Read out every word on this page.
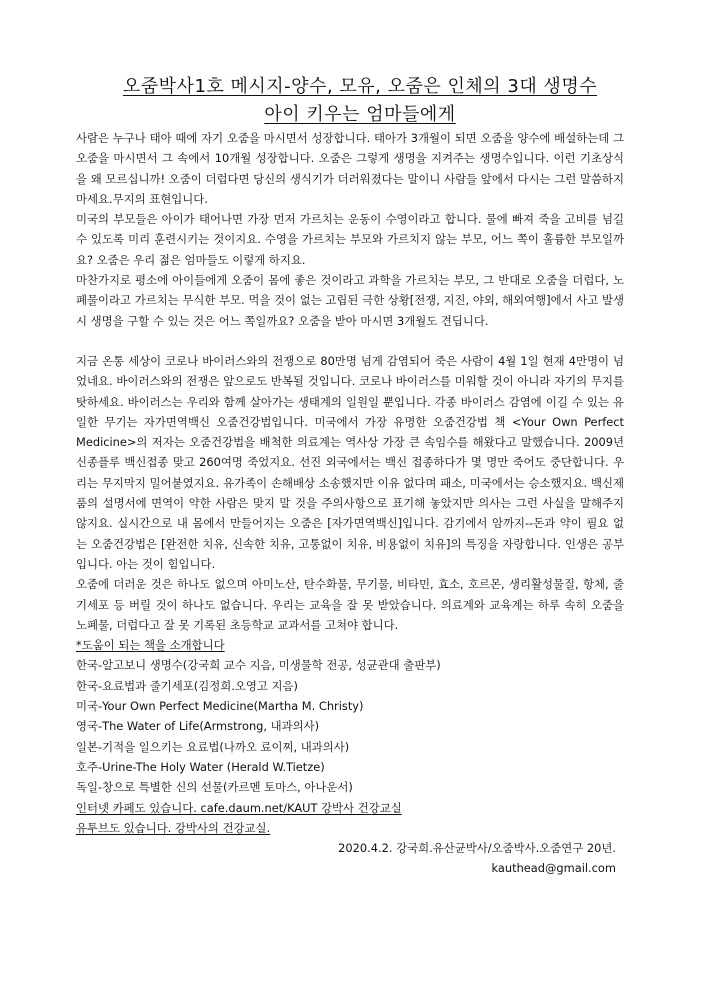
오줌박사1호 메시지-양수, 모유, 오줌은 인체의 3대 생명수
아이 키우는 엄마들에게

사람은 누구나 태아 때에 자기 오줌을 마시면서 성장합니다. 태아가 3개월이 되면 오줌을 양수에 배설하는데 그 오줌을 마시면서 그 속에서 10개월 성장합니다. 오줌은 그렇게 생명을 지켜주는 생명수입니다. 이런 기초상식을 왜 모르십니까! 오줌이 더럽다면 당신의 생식기가 더러워졌다는 말이니 사람들 앞에서 다시는 그런 말씀하지 마세요.무지의 표현입니다.

미국의 부모들은 아이가 태어나면 가장 먼저 가르치는 운동이 수영이라고 합니다. 물에 빠져 죽을 고비를 넘길 수 있도록 미리 훈련시키는 것이지요. 수영을 가르치는 부모와 가르치지 않는 부모, 어느 쪽이 훌륭한 부모일까요? 오줌은 우리 젊은 엄마들도 이렇게 하지요.

마찬가지로 평소에 아이들에게 오줌이 몸에 좋은 것이라고 과학을 가르치는 부모, 그 반대로 오줌을 더럽다, 노폐물이라고 가르치는 무식한 부모. 먹을 것이 없는 고립된 극한 상황[전쟁, 지진, 야외, 해외여행]에서 사고 발생시 생명을 구할 수 있는 것은 어느 쪽일까요? 오줌을 받아 마시면 3개월도 견딥니다.

지금 온통 세상이 코로나 바이러스와의 전쟁으로 80만명 넘게 감염되어 죽은 사람이 4월 1일 현재 4만명이 넘었네요. 바이러스와의 전쟁은 앞으로도 반복될 것입니다. 코로나 바이러스를 미워할 것이 아니라 자기의 무지를 탓하세요. 바이러스는 우리와 함께 살아가는 생태계의 일원일 뿐입니다. 각종 바이러스 감염에 이길 수 있는 유일한 무기는 자가면역백신 오줌건강법입니다. 미국에서 가장 유명한 오줌건강법 책 <Your Own Perfect Medicine>의 저자는 오줌건강법을 배척한 의료계는 역사상 가장 큰 속임수를 해왔다고 말했습니다. 2009년 신종플루 백신접종 맞고 260여명 죽었지요. 선진 외국에서는 백신 접종하다가 몇 명만 죽어도 중단합니다. 우리는 무지막지 밀어붙였지요. 유가족이 손해배상 소송했지만 이유 없다며 패소, 미국에서는 승소했지요. 백신제품의 설명서에 면역이 약한 사람은 맞지 말 것을 주의사항으로 표기해 놓았지만 의사는 그런 사실을 말해주지 않지요. 실시간으로 내 몸에서 만들어지는 오줌은 [자가면역백신]입니다. 감기에서 암까지--돈과 약이 필요 없는 오줌건강법은 [완전한 치유, 신속한 치유, 고통없이 치유, 비용없이 치유]의 특징을 자랑합니다. 인생은 공부입니다. 아는 것이 힘입니다.

오줌에 더러운 것은 하나도 없으며 아미노산, 탄수화물, 무기물, 비타민, 효소, 호르몬, 생리활성물질, 항체, 줄기세포 등 버릴 것이 하나도 없습니다. 우리는 교육을 잘 못 받았습니다. 의료계와 교육계는 하루 속히 오줌을 노폐물, 더럽다고 잘 못 기록된 초등학교 교과서를 고쳐야 합니다.

*도움이 되는 책을 소개합니다
한국-알고보니 생명수(강국희 교수 지음, 미생물학 전공, 성균관대 출판부)
한국-요료법과 줄기세포(김정희.오영고 지음)
미국-Your Own Perfect Medicine(Martha M. Christy)
영국-The Water of Life(Armstrong, 내과의사)
일본-기적을 일으키는 요료법(나까오 료이찌, 내과의사)
호주-Urine-The Holy Water (Herald W.Tietze)
독일-창으로 특별한 신의 선물(카르멘 토마스, 아나운서)
인터넷 카페도 있습니다. cafe.daum.net/KAUT 강박사 건강교실
유투브도 있습니다. 강박사의 건강교실.
2020.4.2. 강국희.유산균박사/오줌박사.오줌연구 20년.
kauthead@gmail.com
